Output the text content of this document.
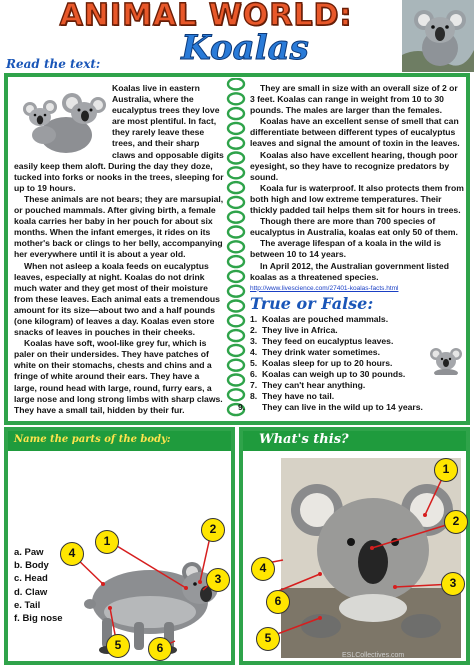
ANIMAL WORLD:
Koalas
Read the text:

Koalas live in eastern Australia, where the eucalyptus trees they love are most plentiful. In fact, they rarely leave these trees, and their sharp claws and opposable digits easily keep them aloft. During the day they doze, tucked into forks or nooks in the trees, sleeping for up to 19 hours.

These animals are not bears; they are marsupial, or pouched mammals. After giving birth, a female koala carries her baby in her pouch for about six months. When the infant emerges, it rides on its mother's back or clings to her belly, accompanying her everywhere until it is about a year old.

When not asleep a koala feeds on eucalyptus leaves, especially at night. Koalas do not drink much water and they get most of their moisture from these leaves. Each animal eats a tremendous amount for its size—about two and a half pounds (one kilogram) of leaves a day. Koalas even store snacks of leaves in pouches in their cheeks.

Koalas have soft, wool-like grey fur, which is paler on their undersides. They have patches of white on their stomachs, chests and chins and a fringe of white around their ears. They have a large, round head with large, round, furry ears, a large nose and long strong limbs with sharp claws. They have a small tail, hidden by their fur.

They are small in size with an overall size of 2 or 3 feet. Koalas can range in weight from 10 to 30 pounds. The males are larger than the females.

Koalas have an excellent sense of smell that can differentiate between different types of eucalyptus leaves and signal the amount of toxin in the leaves.

Koalas also have excellent hearing, though poor eyesight, so they have to recognize predators by sound.

Koala fur is waterproof. It also protects them from both high and low extreme temperatures. Their thickly padded tail helps them sit for hours in trees.

Though there are more than 700 species of eucalyptus in Australia, koalas eat only 50 of them.

The average lifespan of a koala in the wild is between 10 to 14 years.

In April 2012, the Australian government listed koalas as a threatened species.

http://www.livescience.com/27401-koalas-facts.html
True or False:
1. Koalas are pouched mammals.
2. They live in Africa.
3. They feed on eucalyptus leaves.
4. They drink water sometimes.
5. Koalas sleep for up to 20 hours.
6. Koalas can weigh up to 30 pounds.
7. They can't hear anything.
8. They have no tail.
9. They can live in the wild up to 14 years.
Name the parts of the body:
a. Paw
b. Body
c. Head
d. Claw
e. Tail
f. Big nose
What's this?
1
2
3
4
5	6
1
2
3
4
5
6
ESLCollectives.com
